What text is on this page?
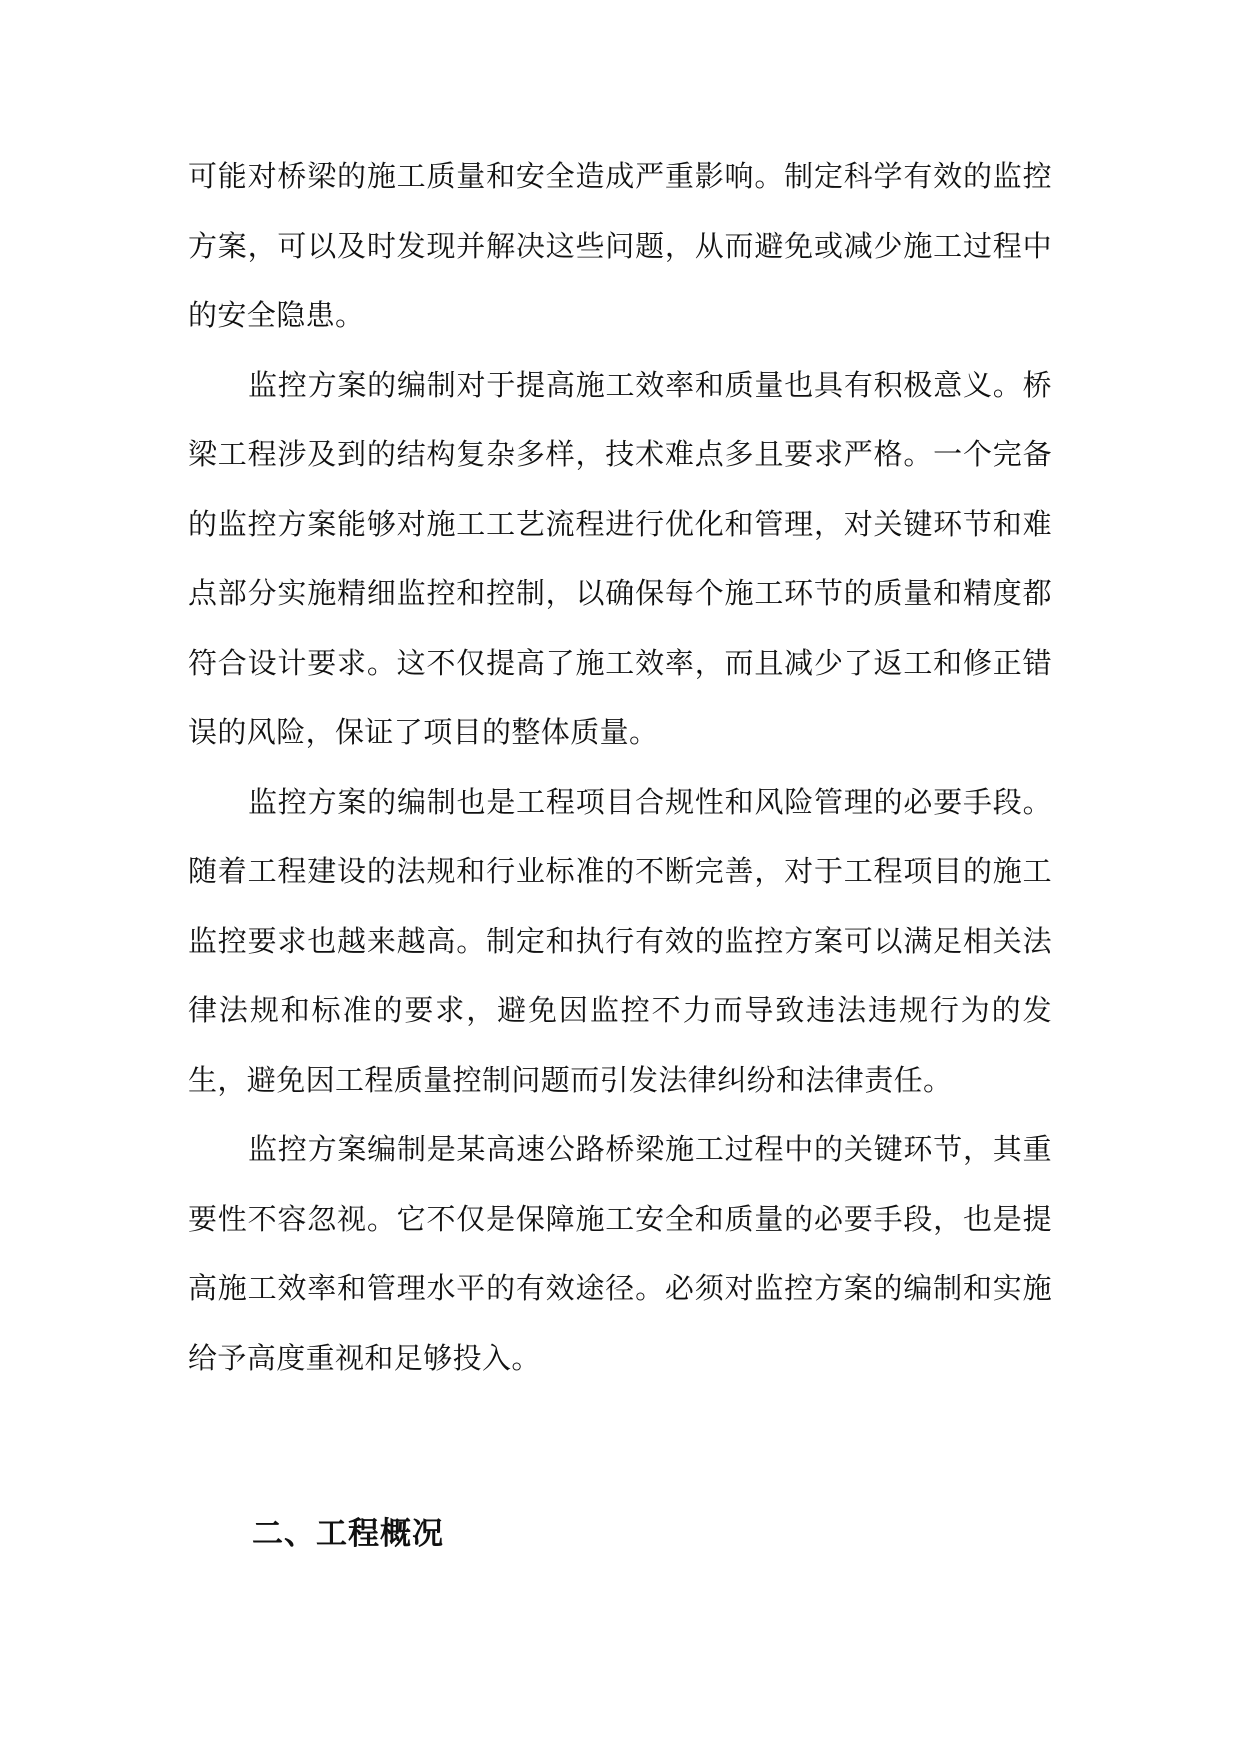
可能对桥梁的施工质量和安全造成严重影响。制定科学有效的监控方案，可以及时发现并解决这些问题，从而避免或减少施工过程中的安全隐患。

监控方案的编制对于提高施工效率和质量也具有积极意义。桥梁工程涉及到的结构复杂多样，技术难点多且要求严格。一个完备的监控方案能够对施工工艺流程进行优化和管理，对关键环节和难点部分实施精细监控和控制，以确保每个施工环节的质量和精度都符合设计要求。这不仅提高了施工效率，而且减少了返工和修正错误的风险，保证了项目的整体质量。

监控方案的编制也是工程项目合规性和风险管理的必要手段。随着工程建设的法规和行业标准的不断完善，对于工程项目的施工监控要求也越来越高。制定和执行有效的监控方案可以满足相关法律法规和标准的要求，避免因监控不力而导致违法违规行为的发生，避免因工程质量控制问题而引发法律纠纷和法律责任。

监控方案编制是某高速公路桥梁施工过程中的关键环节，其重要性不容忽视。它不仅是保障施工安全和质量的必要手段，也是提高施工效率和管理水平的有效途径。必须对监控方案的编制和实施给予高度重视和足够投入。

二、工程概况
